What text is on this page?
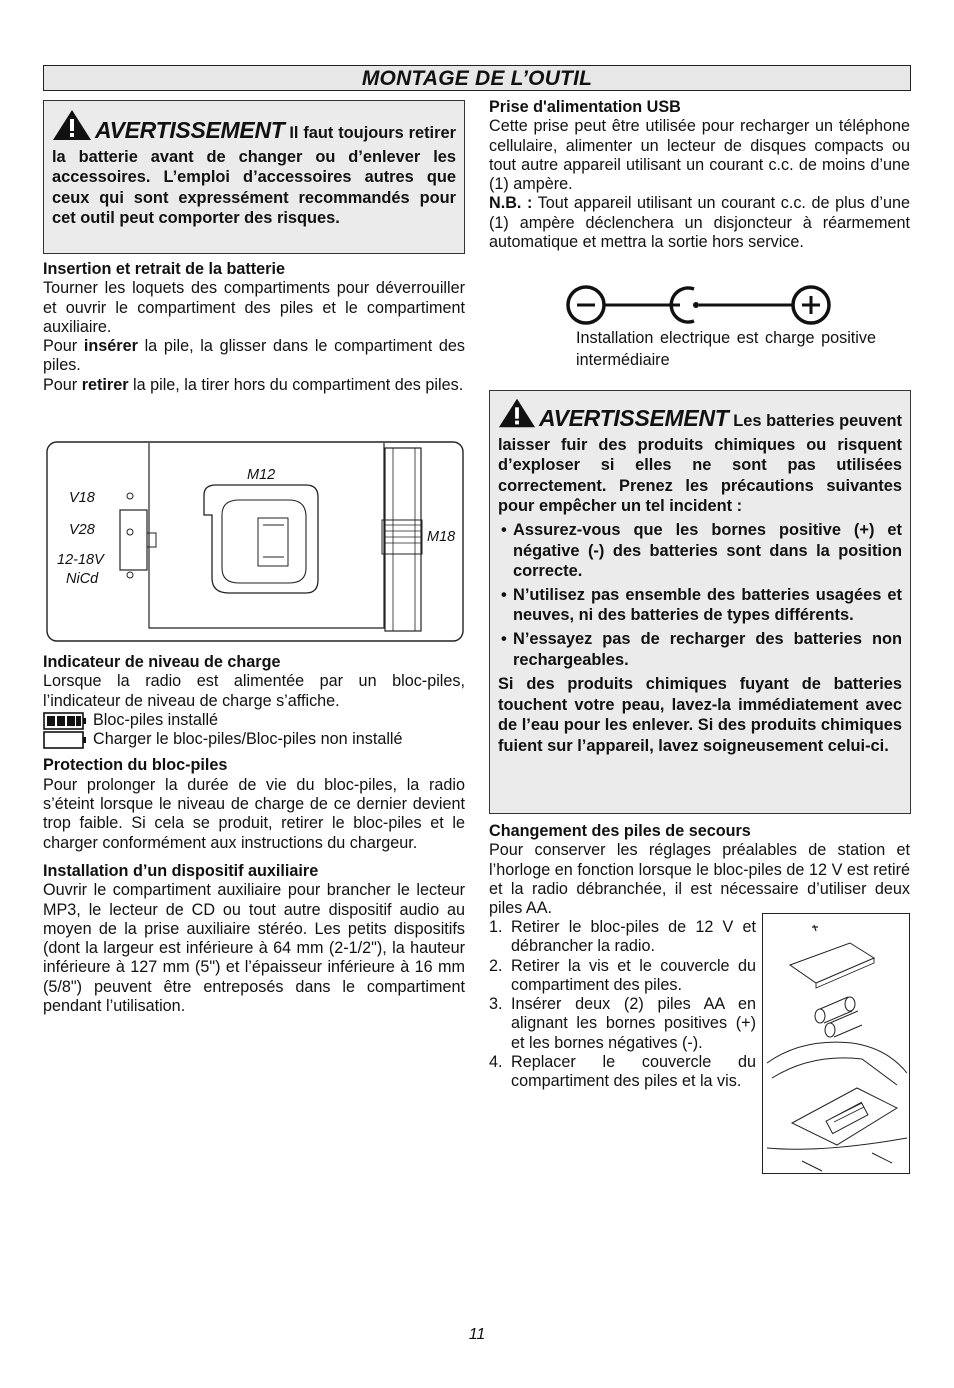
MONTAGE DE L’OUTIL
AVERTISSEMENT Il faut toujours retirer la batterie avant de changer ou d’enlever les accessoires. L’emploi d’accessoires autres que ceux qui sont expressément recommandés pour cet outil peut comporter des risques.
Insertion et retrait de la batterie

Tourner les loquets des compartiments pour déverrouiller et ouvrir le compartiment des piles et le compartiment auxiliaire.

Pour insérer la pile, la glisser dans le compartiment des piles.

Pour retirer la pile, la tirer hors du compartiment des piles.

V18
V28
12-18V
NiCd
M12
M18
Indicateur de niveau de charge

Lorsque la radio est alimentée par un bloc-piles, l’indicateur de niveau de charge s’affiche.

Bloc-piles installé
Charger le bloc-piles/Bloc-piles non installé
Protection du bloc-piles

Pour prolonger la durée de vie du bloc-piles, la radio s’éteint lorsque le niveau de charge de ce dernier devient trop faible. Si cela se produit, retirer le bloc-piles et le charger conformément aux instructions du chargeur.

Installation d’un dispositif auxiliaire

Ouvrir le compartiment auxiliaire pour brancher le lecteur MP3, le lecteur de CD ou tout autre dispositif audio au moyen de la prise auxiliaire stéréo. Les petits dispositifs (dont la largeur est inférieure à 64 mm (2-1/2"), la hauteur inférieure à 127 mm (5") et l’épaisseur inférieure à 16 mm (5/8") peuvent être entreposés dans le compartiment pendant l’utilisation.

Prise d'alimentation USB

Cette prise peut être utilisée pour recharger un téléphone cellulaire, alimenter un lecteur de disques compacts ou tout autre appareil utilisant un courant c.c. de moins d’une (1) ampère.

N.B. : Tout appareil utilisant un courant c.c. de plus d’une (1) ampère déclenchera un disjoncteur à réarmement automatique et mettra la sortie hors service.

Installation electrique est charge positive intermédiaire
AVERTISSEMENT Les batteries peuvent laisser fuir des produits chimiques ou risquent d’exploser si elles ne sont pas utilisées correctement. Prenez les précautions suivantes pour empêcher un tel incident :
• Assurez-vous que les bornes positive (+) et négative (-) des batteries sont dans la position correcte.
• N’utilisez pas ensemble des batteries usagées et neuves, ni des batteries de types différents.
• N’essayez pas de recharger des batteries non rechargeables.
Si des produits chimiques fuyant de batteries touchent votre peau, lavez-la immédiatement avec de l’eau pour les enlever. Si des produits chimiques fuient sur l’appareil, lavez soigneusement celui-ci.
Changement des piles de secours

Pour conserver les réglages préalables de station et l’horloge en fonction lorsque le bloc-piles de 12 V est retiré et la radio débranchée, il est nécessaire d’utiliser deux piles AA.

1. Retirer le bloc-piles de 12 V et débrancher la radio.
2. Retirer la vis et le couvercle du compartiment des piles.
3. Insérer deux (2) piles AA en alignant les bornes positives (+) et les bornes négatives (-).
4. Replacer le couvercle du compartiment des piles et la vis.
11
